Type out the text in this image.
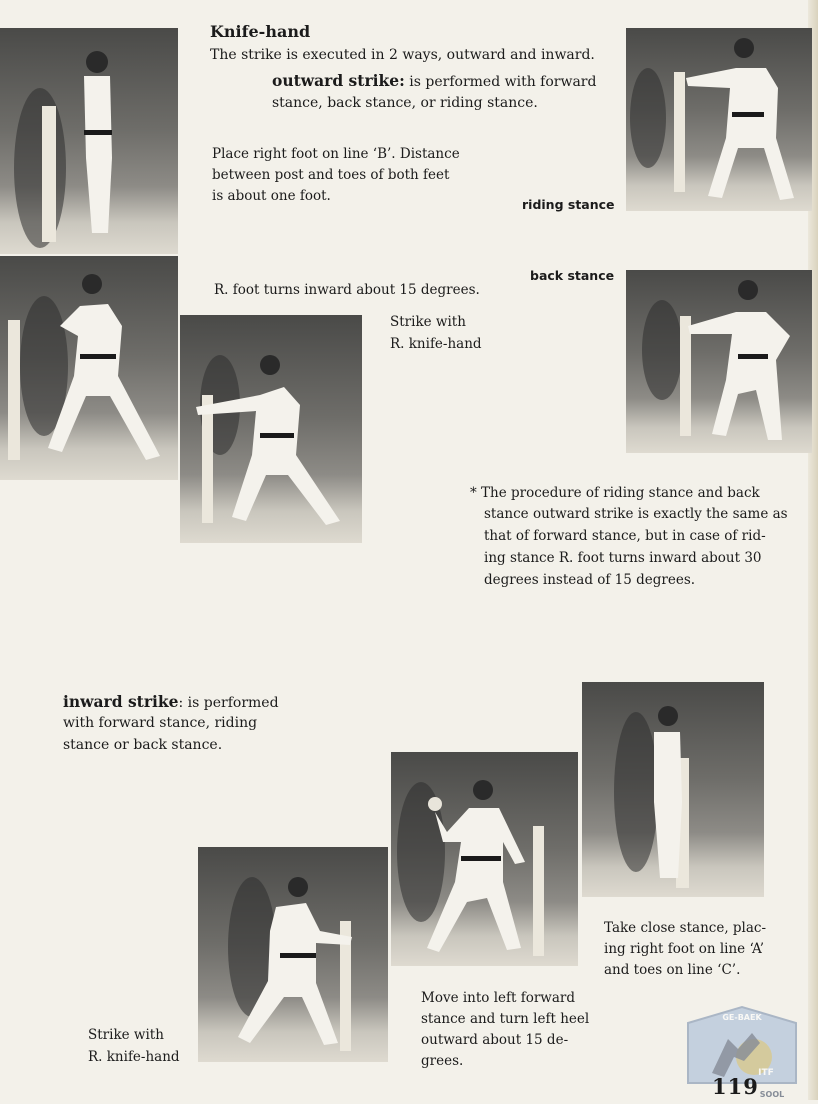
Knife-hand
The strike is executed in 2 ways, outward and inward.
outward strike: is performed with forward
stance, back stance, or riding stance.
Place right foot on line ‘B’. Distance
between post and toes of both feet
is about one foot.
riding stance
back stance
R. foot turns inward about 15 degrees.
Strike with
R. knife-hand
* The procedure of riding stance and back
stance outward strike is exactly the same as
that of forward stance, but in case of rid-
ing stance R. foot turns inward about 30
degrees instead of 15 degrees.
inward strike: is performed
with forward stance, riding
stance or back stance.
Take close stance, plac-
ing right foot on line ‘A’
and toes on line ‘C’.
Move into left forward
stance and turn left heel
outward about 15 de-
grees.
Strike with
R. knife-hand
GE-BAEK
ITF
SOOL
119
